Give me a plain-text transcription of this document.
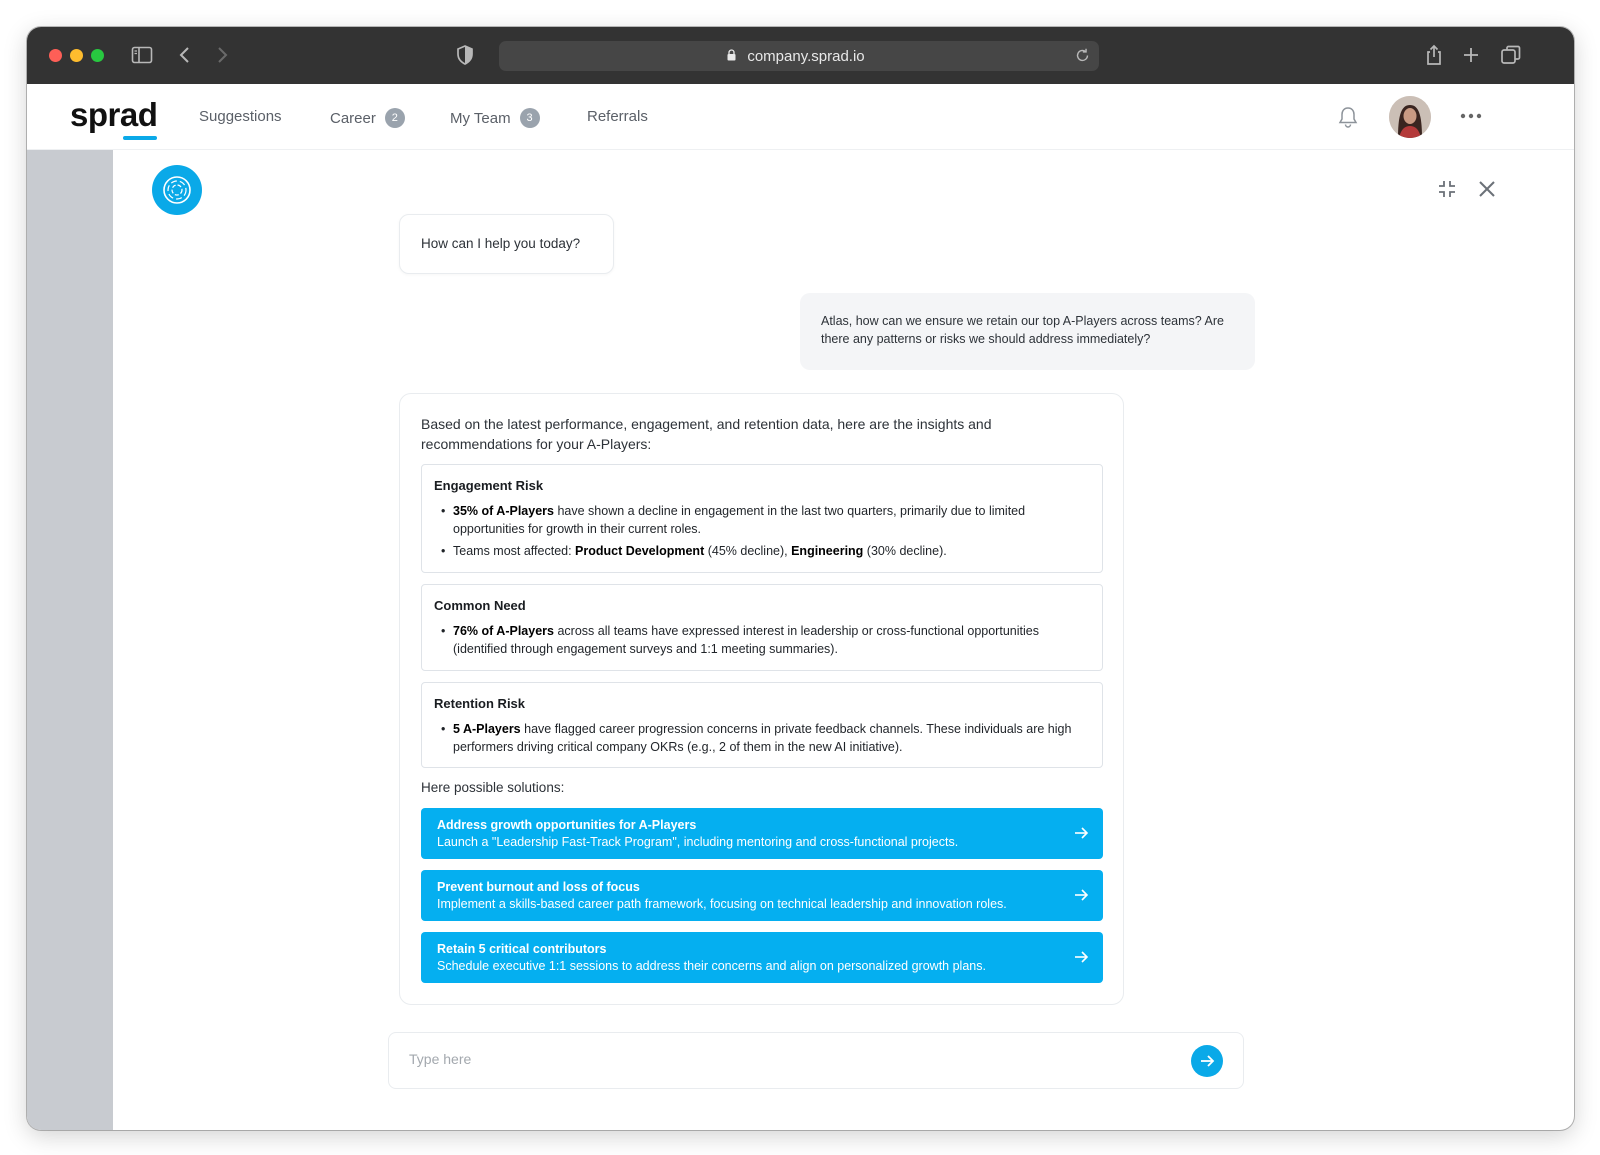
company.sprad.io
sprad	Suggestions	Career	2	My Team	3	Referrals
How can I help you today?

Atlas, how can we ensure we retain our top A-Players across teams? Are there any patterns or risks we should address immediately?

Based on the latest performance, engagement, and retention data, here are the insights and recommendations for your A-Players:

Engagement Risk
• 35% of A-Players have shown a decline in engagement in the last two quarters, primarily due to limited opportunities for growth in their current roles.
• Teams most affected: Product Development (45% decline), Engineering (30% decline).
Common Need
• 76% of A-Players across all teams have expressed interest in leadership or cross-functional opportunities (identified through engagement surveys and 1:1 meeting summaries).
Retention Risk
• 5 A-Players have flagged career progression concerns in private feedback channels. These individuals are high performers driving critical company OKRs (e.g., 2 of them in the new AI initiative).
Here possible solutions:
Address growth opportunities for A-Players
Launch a "Leadership Fast-Track Program", including mentoring and cross-functional projects.
Prevent burnout and loss of focus
Implement a skills-based career path framework, focusing on technical leadership and innovation roles.
Retain 5 critical contributors
Schedule executive 1:1 sessions to address their concerns and align on personalized growth plans.
Type here
